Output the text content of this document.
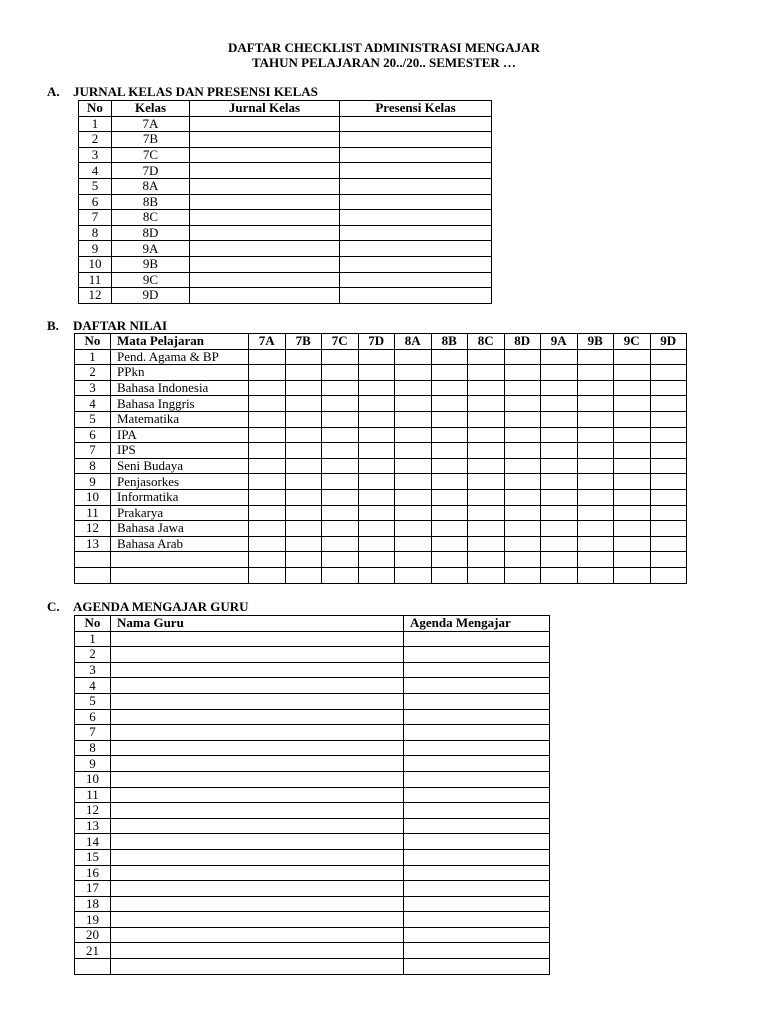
DAFTAR CHECKLIST ADMINISTRASI MENGAJAR
TAHUN PELAJARAN 20../20.. SEMESTER …
A. JURNAL KELAS DAN PRESENSI KELAS
No	Kelas	Jurnal Kelas	Presensi Kelas
1	7A		
2	7B		
3	7C		
4	7D		
5	8A		
6	8B		
7	8C		
8	8D		
9	9A		
10	9B		
11	9C		
12	9D		
B. DAFTAR NILAI
No	Mata Pelajaran	7A	7B	7C	7D	8A	8B	8C	8D	9A	9B	9C	9D
1	Pend. Agama & BP												
2	PPkn												
3	Bahasa Indonesia												
4	Bahasa Inggris												
5	Matematika												
6	IPA												
7	IPS												
8	Seni Budaya												
9	Penjasorkes												
10	Informatika												
11	Prakarya												
12	Bahasa Jawa												
13	Bahasa Arab												

C. AGENDA MENGAJAR GURU
No	Nama Guru	Agenda Mengajar
1		
2		
3		
4		
5		
6		
7		
8		
9		
10		
11		
12		
13		
14		
15		
16		
17		
18		
19		
20		
21		
